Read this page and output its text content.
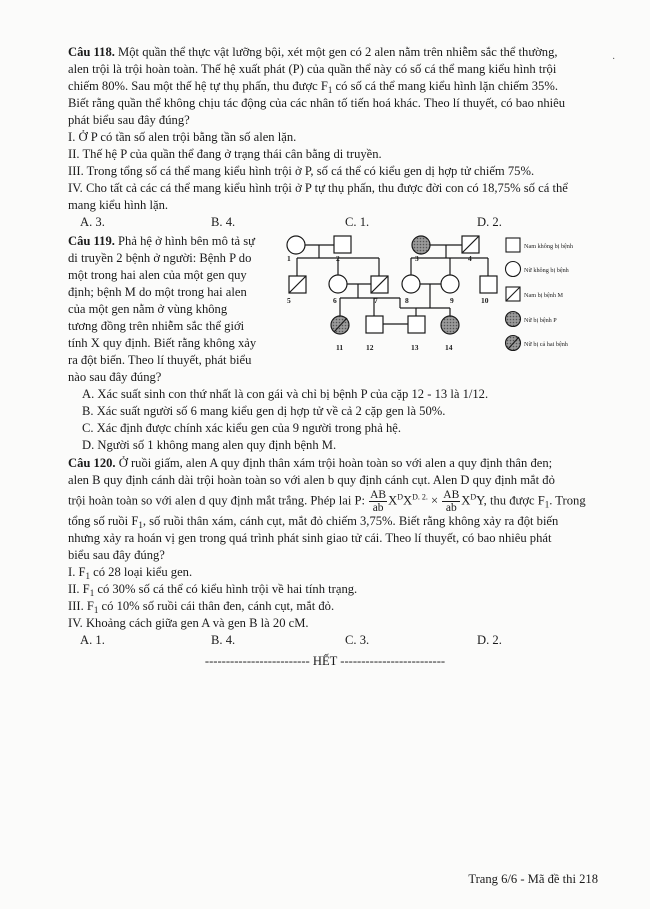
Câu 118. Một quần thể thực vật lưỡng bội, xét một gen có 2 alen nằm trên nhiễm sắc thể thường,
·
alen trội là trội hoàn toàn. Thế hệ xuất phát (P) của quần thể này có số cá thể mang kiểu hình trội
chiếm 80%. Sau một thế hệ tự thụ phấn, thu được $F_1$ có số cá thể mang kiểu hình lặn chiếm 35%.
Biết rằng quần thể không chịu tác động của các nhân tố tiến hoá khác. Theo lí thuyết, có bao nhiêu
phát biểu sau đây đúng?
I. Ở P có tần số alen trội bằng tần số alen lặn.
II. Thế hệ P của quần thể đang ở trạng thái cân bằng di truyền.
III. Trong tổng số cá thể mang kiểu hình trội ở P, số cá thể có kiểu gen dị hợp tử chiếm 75%.
IV. Cho tất cả các cá thể mang kiểu hình trội ở P tự thụ phấn, thu được đời con có 18,75% số cá thể
mang kiểu hình lặn.
A. 3.	B. 4.	C. 1.	D. 2.
Câu 119. Phả hệ ở hình bên mô tả sự
di truyền 2 bệnh ở người: Bệnh P do
một trong hai alen của một gen quy
định; bệnh M do một trong hai alen
của một gen nằm ở vùng không
tương đồng trên nhiễm sắc thể giới
tính X quy định. Biết rằng không xảy
ra đột biến. Theo lí thuyết, phát biểu
nào sau đây đúng?
A. Xác suất sinh con thứ nhất là con gái và chỉ bị bệnh P của cặp 12 - 13 là 1/12.
B. Xác suất người số 6 mang kiểu gen dị hợp tử về cả 2 cặp gen là 50%.
C. Xác định được chính xác kiểu gen của 9 người trong phả hệ.
D. Người số 1 không mang alen quy định bệnh M.
1	2	3	4
5	6	7	8	9	10
11	12	13	14
Nam không bị bệnh
Nữ không bị bệnh
Nam bị bệnh M
Nữ bị bệnh P
Nữ bị cả hai bệnh
Câu 120. Ở ruồi giấm, alen A quy định thân xám trội hoàn toàn so với alen a quy định thân đen;
alen B quy định cánh dài trội hoàn toàn so với alen b quy định cánh cụt. Alen D quy định mắt đỏ
trội hoàn toàn so với alen d quy định mắt trắng. Phép lai P: $\frac{AB}{ab} X^DX^{D. 2.} \times \frac{AB}{ab} X^DY$, thu được $F_1$. Trong
tổng số ruồi $F_1$, số ruồi thân xám, cánh cụt, mắt đỏ chiếm 3,75%. Biết rằng không xảy ra đột biến
nhưng xảy ra hoán vị gen trong quá trình phát sinh giao tử cái. Theo lí thuyết, có bao nhiêu phát
biểu sau đây đúng?
I. $F_1$ có 28 loại kiểu gen.
II. $F_1$ có 30% số cá thể có kiểu hình trội về hai tính trạng.
III. $F_1$ có 10% số ruồi cái thân đen, cánh cụt, mắt đỏ.
IV. Khoảng cách giữa gen A và gen B là 20 cM.
A. 1.	B. 4.	C. 3.	D. 2.
------------------------- HẾT -------------------------
Trang 6/6 - Mã đề thi 218
